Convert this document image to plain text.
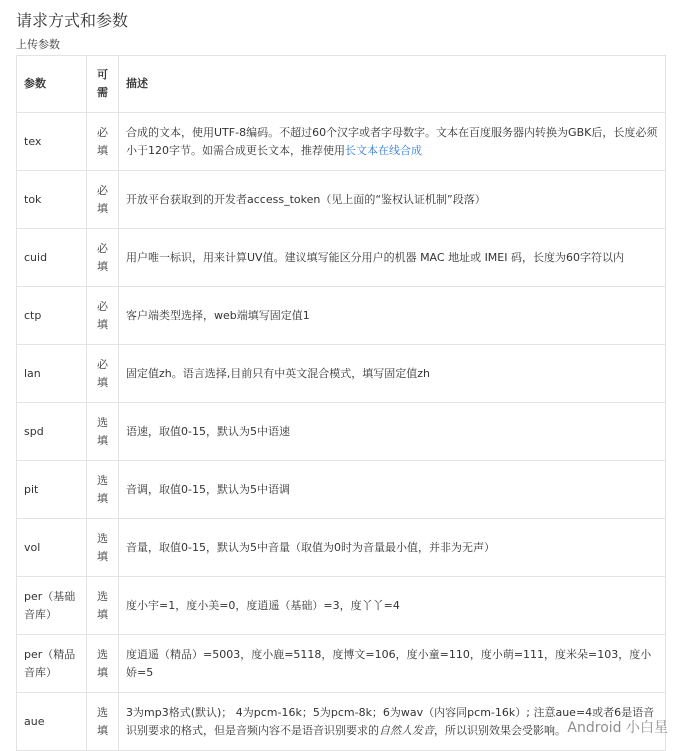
请求方式和参数
上传参数
参数	可需	描述
tex	必填	合成的文本，使用UTF-8编码。不超过60个汉字或者字母数字。文本在百度服务器内转换为GBK后，长度必须小于120字节。如需合成更长文本，推荐使用长文本在线合成
tok	必填	开放平台获取到的开发者access_token（见上面的“鉴权认证机制”段落）
cuid	必填	用户唯一标识，用来计算UV值。建议填写能区分用户的机器 MAC 地址或 IMEI 码，长度为60字符以内
ctp	必填	客户端类型选择，web端填写固定值1
lan	必填	固定值zh。语言选择,目前只有中英文混合模式，填写固定值zh
spd	选填	语速，取值0-15，默认为5中语速
pit	选填	音调，取值0-15，默认为5中语调
vol	选填	音量，取值0-15，默认为5中音量（取值为0时为音量最小值，并非为无声）
per（基础音库）	选填	度小宇=1，度小美=0，度逍遥（基础）=3，度丫丫=4
per（精品音库）	选填	度逍遥（精品）=5003，度小鹿=5118，度博文=106，度小童=110，度小萌=111，度米朵=103，度小娇=5
aue	选填	3为mp3格式(默认)； 4为pcm-16k；5为pcm-8k；6为wav（内容同pcm-16k）; 注意aue=4或者6是语音识别要求的格式，但是音频内容不是语音识别要求的自然人发音，所以识别效果会受影响。 Android 小白星
